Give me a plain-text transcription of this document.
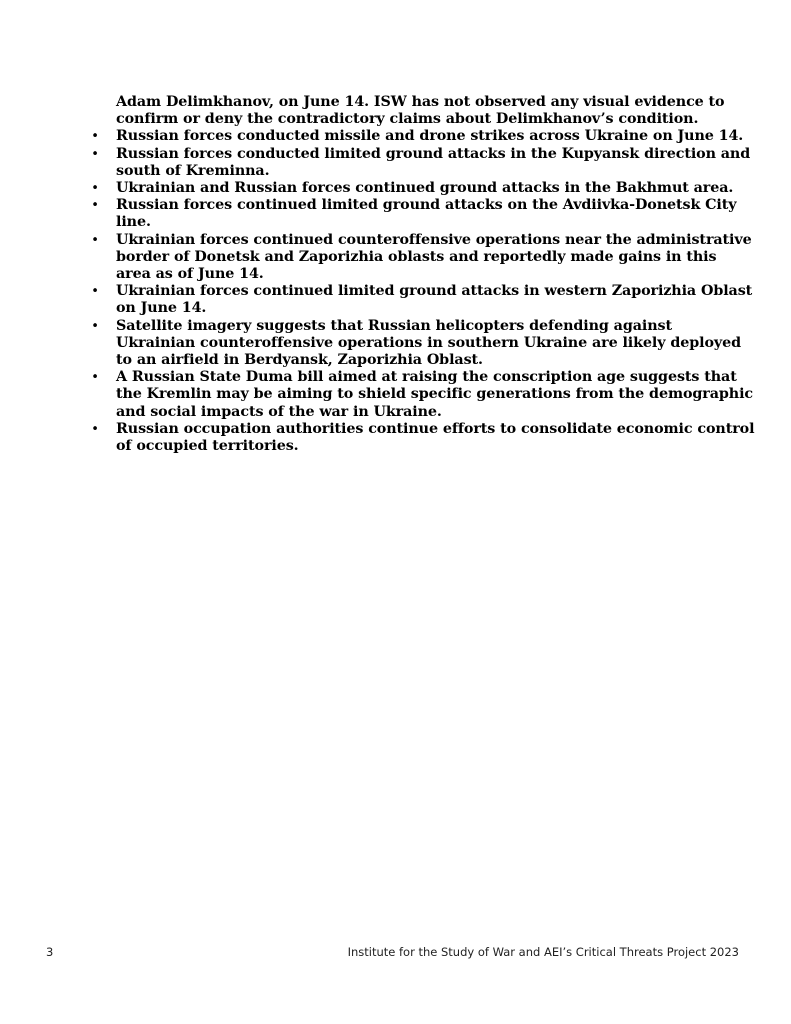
Adam Delimkhanov, on June 14. ISW has not observed any visual evidence to confirm or deny the contradictory claims about Delimkhanov’s condition.

• Russian forces conducted missile and drone strikes across Ukraine on June 14.
• Russian forces conducted limited ground attacks in the Kupyansk direction and south of Kreminna.
• Ukrainian and Russian forces continued ground attacks in the Bakhmut area.
• Russian forces continued limited ground attacks on the Avdiivka-Donetsk City line.
• Ukrainian forces continued counteroffensive operations near the administrative border of Donetsk and Zaporizhia oblasts and reportedly made gains in this area as of June 14.
• Ukrainian forces continued limited ground attacks in western Zaporizhia Oblast on June 14.
• Satellite imagery suggests that Russian helicopters defending against Ukrainian counteroffensive operations in southern Ukraine are likely deployed to an airfield in Berdyansk, Zaporizhia Oblast.
• A Russian State Duma bill aimed at raising the conscription age suggests that the Kremlin may be aiming to shield specific generations from the demographic and social impacts of the war in Ukraine.
• Russian occupation authorities continue efforts to consolidate economic control of occupied territories.
3	Institute for the Study of War and AEI’s Critical Threats Project 2023
